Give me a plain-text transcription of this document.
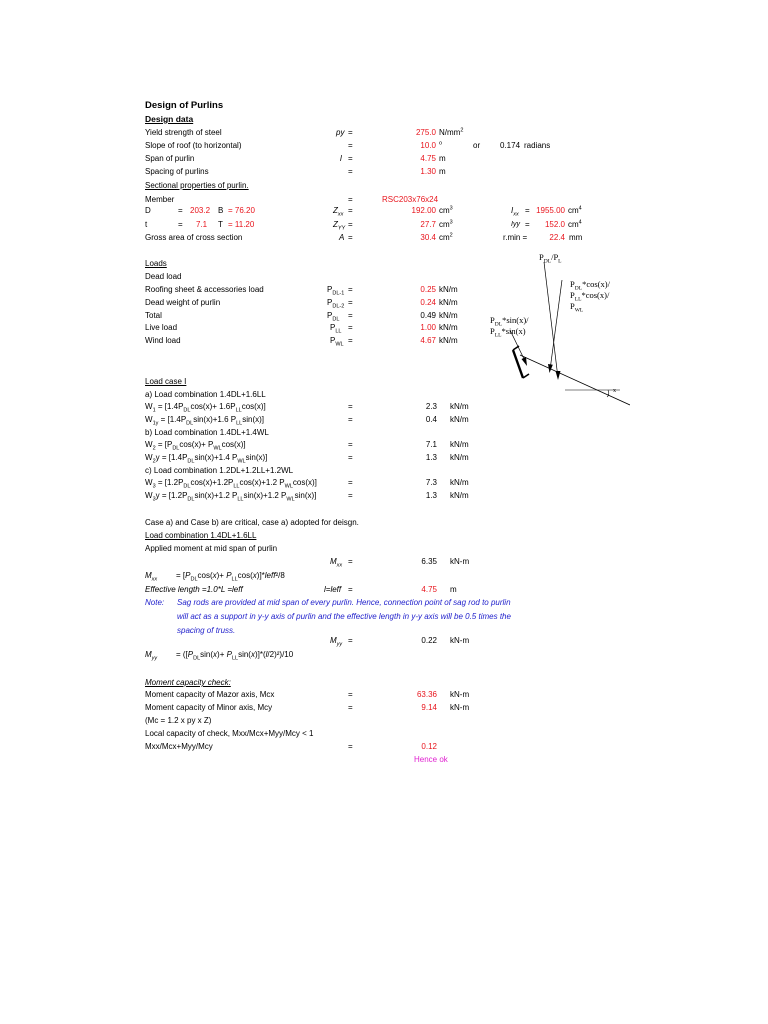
Design of Purlins
Design data
Yield strength of steel	py =	275.0 $N/mm^2$
Slope of roof (to horizontal)	=	10.0 $^o$	or 0.174 radians
Span of purlin	l =	4.75 m
Spacing of purlins	=	1.30 m
Sectional properties of purlin.
Member	=	RSC203x76x24
D	= 203.2 B = 76.20	$Z_{xx}$ =	192.00 $cm^3$	$I_{xx} = 1955.00$ $cm^4$
t	= 7.1 T = 11.20	$Z_{YY}$ =	27.7 $cm^3$	Iyy =	152.0 $cm^4$
Gross area of cross section	A =	30.4 $cm^2$	r.min =	22.4 mm
Loads
Dead load
Roofing sheet & accessories load	$P_{DL-1}$ =	0.25 kN/m
Dead weight of purlin	$P_{DL-2}$ =	0.24 kN/m
Total	$P_{DL}$ =	0.49 kN/m
Live load	$P_{LL}$ =	1.00 kN/m
Wind load	$P_{WL}$ =	4.67 kN/m
$P_{DL}/P_L$
$P_{DL}*\cos(x)/$
$P_{LL}*\cos(x)/$
$P_{WL}$
$P_{DL}*\sin(x)/$
$P_{LL}*\sin(x)$
x
Load case I
a) Load combination 1.4DL+1.6LL
$W_1 = [1.4P_{DL}\cos(x)+ 1.6P_{LL}\cos(x)]$	=	2.3 kN/m
$W_{1y} = [1.4P_{DL}\sin(x)+1.6$ $P_{LL}\sin(x)$]	=	0.4 kN/m
b) Load combination 1.4DL+1.4WL
$W_2 = [P_{DL}\cos(x)+ P_{WL}\cos(x)]$	=	7.1 kN/m
$W_2y = [1.4P_{DL}\sin(x)+1.4$ $P_{WL}\sin(x)$]	=	1.3 kN/m
c) Load combination 1.2DL+1.2LL+1.2WL
$W_3 = [1.2P_{DL}\cos(x)+1.2P_{LL}\cos(x)+1.2$ $P_{WL}\cos(x)$]	=	7.3 kN/m
$W_3y = [1.2P_{DL}\sin(x)+1.2$ $P_{LL}\sin(x)+1.2$ $P_{WL}\sin(x)$]	=	1.3 kN/m
Case a) and Case b) are critical, case a) adopted for deisgn.
Load combination 1.4DL+1.6LL
Applied moment at mid span of purlin
$M_{xx}$ =	6.35 kN-m
$M_{xx} = [P_{DL}\cos(x)+$ $P_{LL}\cos(x)]*leff^2/8$
Effective length =1.0*L =leff	l=leff =	4.75 m
Note: Sag rods are provided at mid span of every purlin. Hence, connection point of sag rod to purlin
will act as a support in y-y axis of purlin and the effective length in y-y axis will be 0.5 times the
spacing of truss.
$M_{yy}$ =	0.22 kN-m
$M_{yy} = ([P_{DL}\sin(x)+ P_{LL}\sin(x)]*(l/2)^2)/10$
Moment capacity check:
Moment capacity of Mazor axis, Mcx	=	63.36 kN-m
Moment capacity of Minor axis, Mcy	=	9.14 kN-m
(Mc = 1.2 x py x Z)
Local capacity of check, Mxx/Mcx+Myy/Mcy < 1
Mxx/Mcx+Myy/Mcy	=	0.12
Hence ok
